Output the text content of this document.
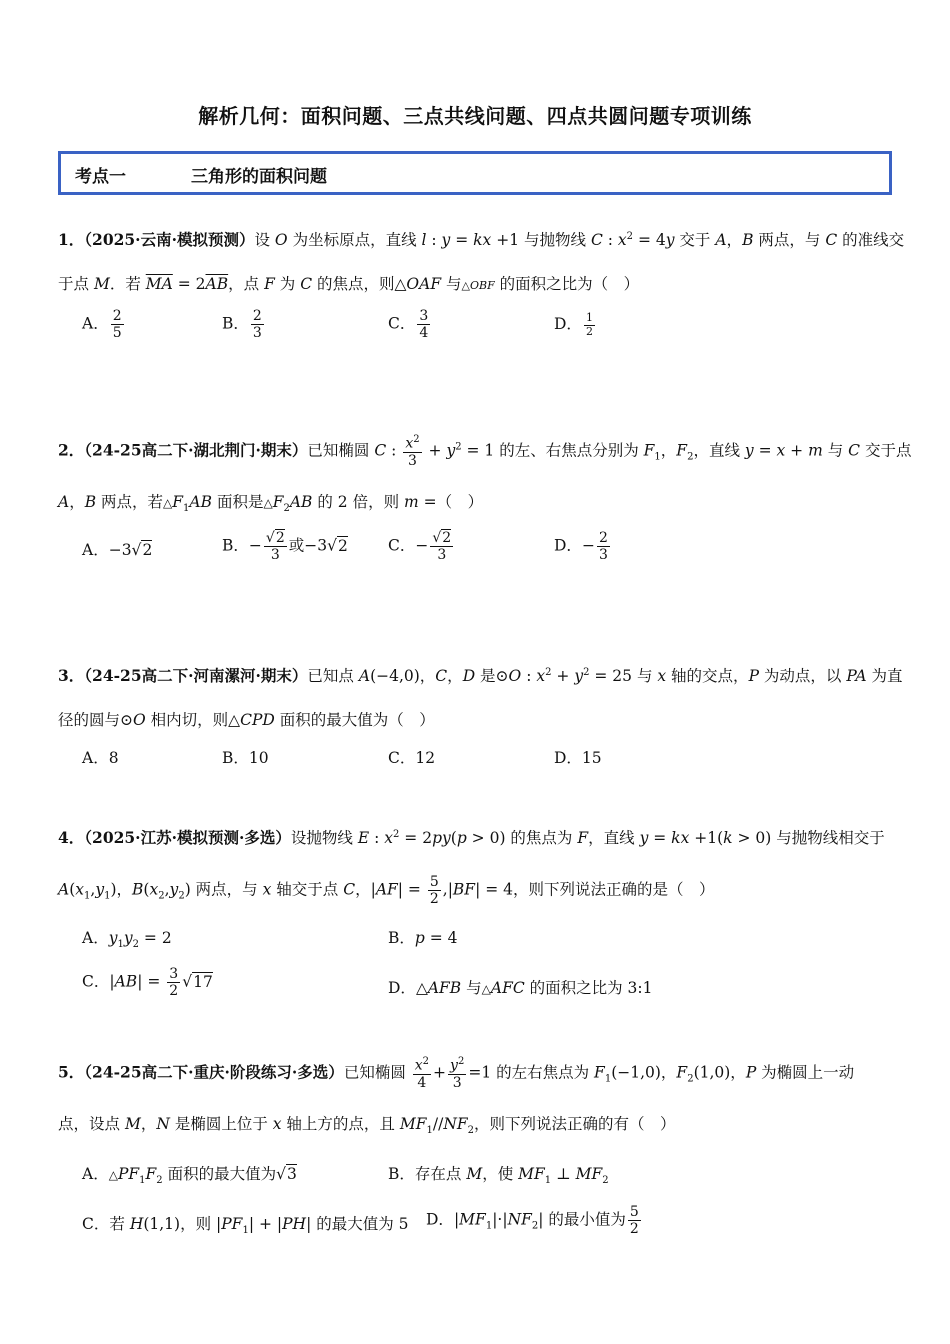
解析几何：面积问题、三点共线问题、四点共圆问题专项训练
考点一	三角形的面积问题
1．（2025·云南·模拟预测）设 O 为坐标原点，直线 l : y = kx +1 与抛物线 C : $x^2 = 4y$ 交于 A，B 两点，与 C 的准线交
于点 M．若 $\overline{MA} = 2\overline{AB}$，点 F 为 C 的焦点，则△OAF 与△OBF 的面积之比为（　）
A． $\frac{2}{5}$	B． $\frac{2}{3}$	C． $\frac{3}{4}$	D． $\frac{1}{2}$
2．（24-25高二下·湖北荆门·期末）已知椭圆 C : $\frac{x^2}{3} + y^2 = 1$ 的左、右焦点分别为 $F_1$，$F_2$，直线 y = x + m 与 C 交于点
A，B 两点，若$\triangle F_1AB$ 面积是$\triangle F_2AB$ 的 2 倍，则 m =（　）
A．−3√2	B．− $\frac{√2}{3}$ 或−3√2	C．− $\frac{√2}{3}$	D．− $\frac{2}{3}$
3．（24-25高二下·河南漯河·期末）已知点 A(−4,0)，C，D 是⊙O : $x^2 + y^2 = 25$ 与 x 轴的交点，P 为动点，以 PA 为直
径的圆与⊙O 相内切，则△CPD 面积的最大值为（　）
A．8	B．10	C．12	D．15
4．（2025·江苏·模拟预测·多选）设抛物线 E : $x^2 = 2py(p > 0)$ 的焦点为 F，直线 y = kx +1(k > 0) 与抛物线相交于
$A(x_1,y_1)$，$B(x_2,y_2)$ 两点，与 x 轴交于点 C，$|AF| = \frac{5}{2} ,|BF| = 4$，则下列说法正确的是（　）
A．$y_1y_2 = 2$	B．p = 4
C．$|AB| = \frac{3}{2} √17$	D．△AFB 与△AFC 的面积之比为 3:1
5．（24-25高二下·重庆·阶段练习·多选）已知椭圆 $\frac{x^2}{4} + \frac{y^2}{3} =1$ 的左右焦点为 $F_1(-1,0)$，$F_2(1,0)$，P 为椭圆上一动
点，设点 M，N 是椭圆上位于 x 轴上方的点，且 $MF_1//NF_2$，则下列说法正确的有（　）
A．$\triangle PF_1F_2$ 面积的最大值为√3	B．存在点 M，使 $MF_1$ ⊥ $MF_2$
C．若 H(1,1)，则 $|PF_1| + |PH|$ 的最大值为 5 D．$|MF_1|\cdot|NF_2|$ 的最小值为 $\frac{5}{2}$
